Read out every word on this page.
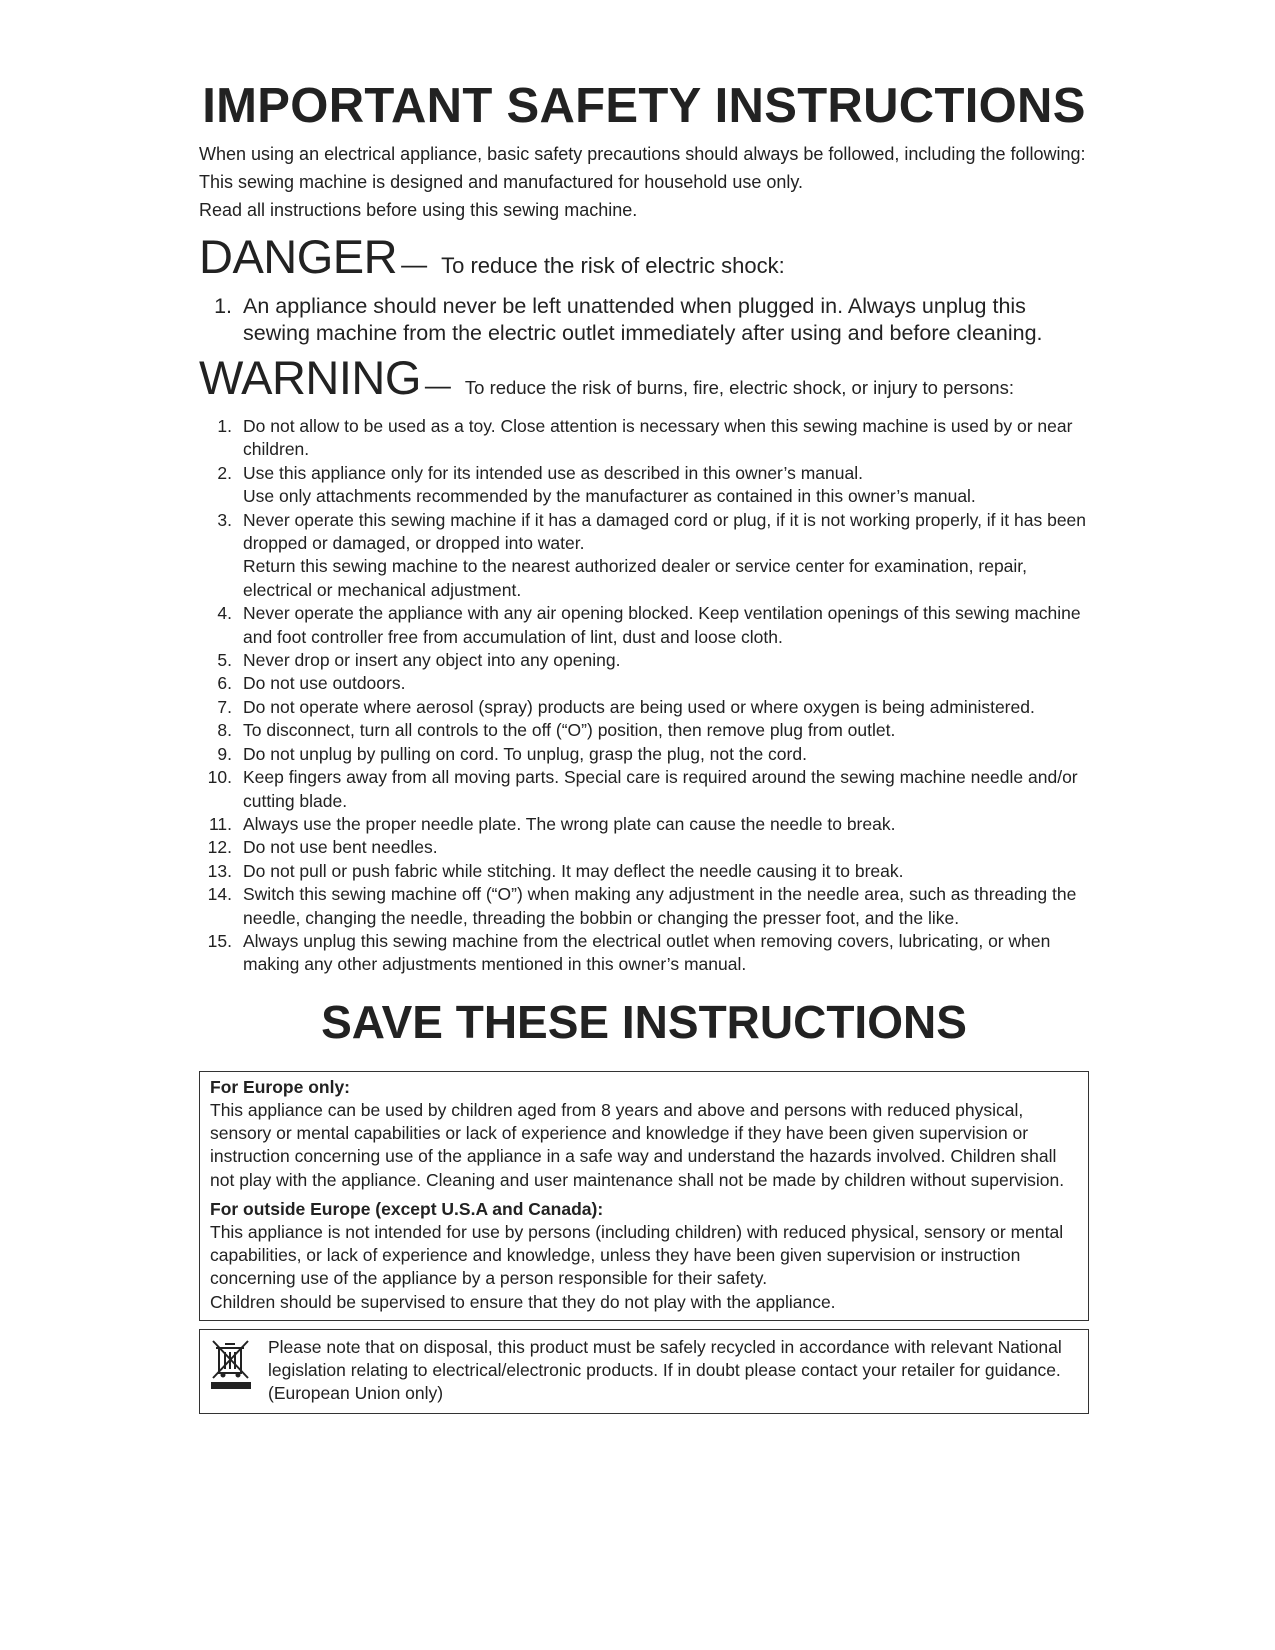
IMPORTANT SAFETY INSTRUCTIONS

When using an electrical appliance, basic safety precautions should always be followed, including the following:

This sewing machine is designed and manufactured for household use only.

Read all instructions before using this sewing machine.

DANGER — To reduce the risk of electric shock:
1. An appliance should never be left unattended when plugged in. Always unplug this sewing machine from the electric outlet immediately after using and before cleaning.
WARNING — To reduce the risk of burns, fire, electric shock, or injury to persons:
1. Do not allow to be used as a toy. Close attention is necessary when this sewing machine is used by or near children.
2. Use this appliance only for its intended use as described in this owner’s manual.
Use only attachments recommended by the manufacturer as contained in this owner’s manual.
3. Never operate this sewing machine if it has a damaged cord or plug, if it is not working properly, if it has been dropped or damaged, or dropped into water.
Return this sewing machine to the nearest authorized dealer or service center for examination, repair, electrical or mechanical adjustment.
4. Never operate the appliance with any air opening blocked. Keep ventilation openings of this sewing machine and foot controller free from accumulation of lint, dust and loose cloth.
5. Never drop or insert any object into any opening.
6. Do not use outdoors.
7. Do not operate where aerosol (spray) products are being used or where oxygen is being administered.
8. To disconnect, turn all controls to the off (“O”) position, then remove plug from outlet.
9. Do not unplug by pulling on cord. To unplug, grasp the plug, not the cord.
10. Keep fingers away from all moving parts. Special care is required around the sewing machine needle and/or cutting blade.
11. Always use the proper needle plate. The wrong plate can cause the needle to break.
12. Do not use bent needles.
13. Do not pull or push fabric while stitching. It may deflect the needle causing it to break.
14. Switch this sewing machine off (“O”) when making any adjustment in the needle area, such as threading the needle, changing the needle, threading the bobbin or changing the presser foot, and the like.
15. Always unplug this sewing machine from the electrical outlet when removing covers, lubricating, or when making any other adjustments mentioned in this owner’s manual.
SAVE THESE INSTRUCTIONS
For Europe only:

This appliance can be used by children aged from 8 years and above and persons with reduced physical, sensory or mental capabilities or lack of experience and knowledge if they have been given supervision or instruction concerning use of the appliance in a safe way and understand the hazards involved. Children shall not play with the appliance. Cleaning and user maintenance shall not be made by children without supervision.

For outside Europe (except U.S.A and Canada):

This appliance is not intended for use by persons (including children) with reduced physical, sensory or mental capabilities, or lack of experience and knowledge, unless they have been given supervision or instruction concerning use of the appliance by a person responsible for their safety.

Children should be supervised to ensure that they do not play with the appliance.

Please note that on disposal, this product must be safely recycled in accordance with relevant National legislation relating to electrical/electronic products. If in doubt please contact your retailer for guidance. (European Union only)
